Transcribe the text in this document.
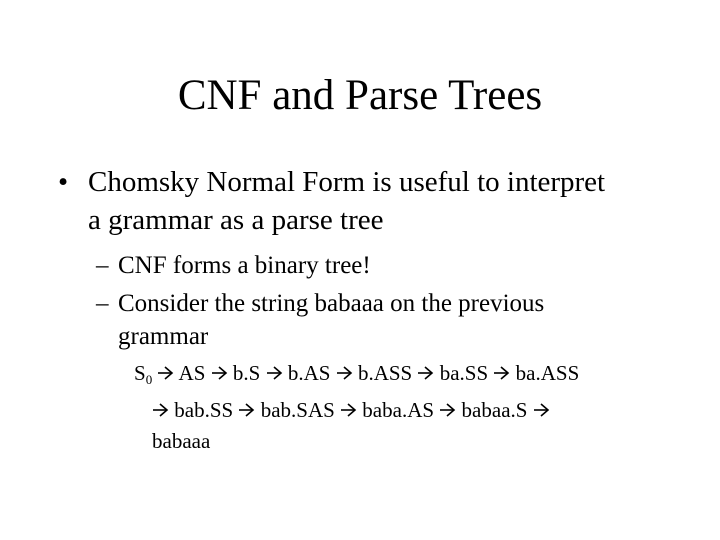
CNF and Parse Trees
• Chomsky Normal Form is useful to interpret
a grammar as a parse tree
– CNF forms a binary tree!
– Consider the string babaaa on the previous
grammar
$S_0$ AS b.S b.AS b.ASS ba.SS ba.ASS
bab.SS bab.SAS baba.AS babaa.S
babaaa
